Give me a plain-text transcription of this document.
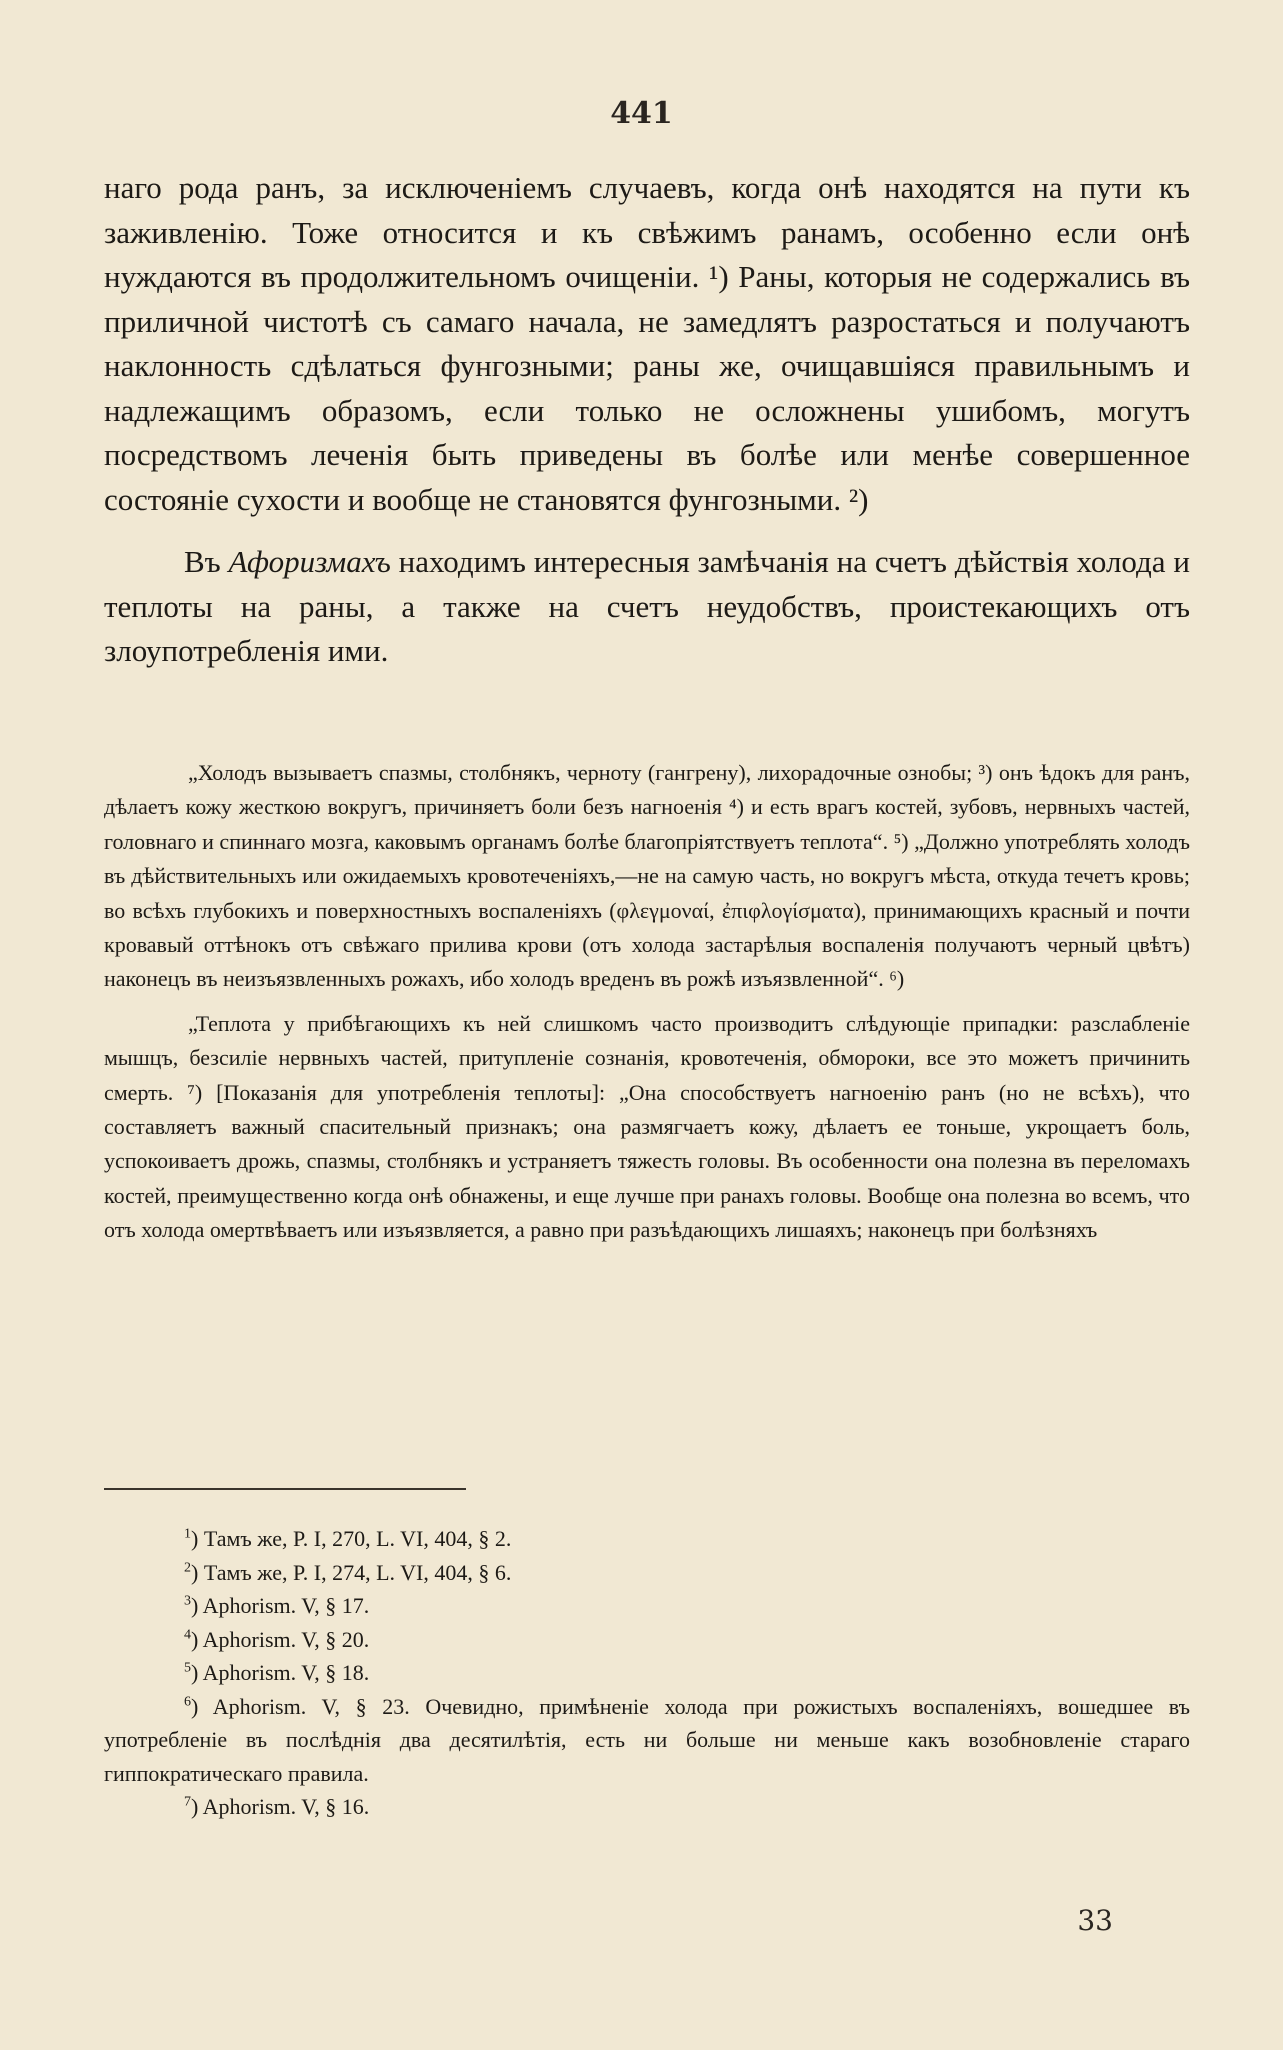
441

наго рода ранъ, за исключеніемъ случаевъ, когда онѣ находятся на пути къ заживленію. Тоже относится и къ свѣжимъ ранамъ, особенно если онѣ нуждаются въ продолжительномъ очищеніи. ¹) Раны, которыя не содержались въ приличной чистотѣ съ самаго начала, не замедлятъ разростаться и получаютъ наклонность сдѣлаться фунгозными; раны же, очищавшіяся правильнымъ и надлежащимъ образомъ, если только не осложнены ушибомъ, могутъ посредствомъ леченія быть приведены въ болѣе или менѣе совершенное состояніе сухости и вообще не становятся фунгозными. ²)

Въ Афоризмахъ находимъ интересныя замѣчанія на счетъ дѣйствія холода и теплоты на раны, а также на счетъ неудобствъ, проистекающихъ отъ злоупотребленія ими.

„Холодъ вызываетъ спазмы, столбнякъ, черноту (гангрену), лихорадочные ознобы; ³) онъ ѣдокъ для ранъ, дѣлаетъ кожу жесткою вокругъ, причиняетъ боли безъ нагноенія ⁴) и есть врагъ костей, зубовъ, нервныхъ частей, головнаго и спиннаго мозга, каковымъ органамъ болѣе благопріятствуетъ теплота“. ⁵) „Должно употреблять холодъ въ дѣйствительныхъ или ожидаемыхъ кровотеченіяхъ,—не на самую часть, но вокругъ мѣста, откуда течетъ кровь; во всѣхъ глубокихъ и поверхностныхъ воспаленіяхъ (φλεγμοναί, ἐπιφλογίσματα), принимающихъ красный и почти кровавый оттѣнокъ отъ свѣжаго прилива крови (отъ холода застарѣлыя воспаленія получаютъ черный цвѣтъ) наконецъ въ неизъязвленныхъ рожахъ, ибо холодъ вреденъ въ рожѣ изъязвленной“. ⁶)

„Теплота у прибѣгающихъ къ ней слишкомъ часто производитъ слѣдующіе припадки: разслабленіе мышцъ, безсиліе нервныхъ частей, притупленіе сознанія, кровотеченія, обмороки, все это можетъ причинить смерть. ⁷) [Показанія для употребленія теплоты]: „Она способствуетъ нагноенію ранъ (но не всѣхъ), что составляетъ важный спасительный признакъ; она размягчаетъ кожу, дѣлаетъ ее тоньше, укрощаетъ боль, успокоиваетъ дрожь, спазмы, столбнякъ и устраняетъ тяжесть головы. Въ особенности она полезна въ переломахъ костей, преимущественно когда онѣ обнажены, и еще лучше при ранахъ головы. Вообще она полезна во всемъ, что отъ холода омертвѣваетъ или изъязвляется, а равно при разъѣдающихъ лишаяхъ; наконецъ при болѣзняхъ

$^1$) Тамъ же, P. I, 270, L. VI, 404, § 2.

$^2$) Тамъ же, P. I, 274, L. VI, 404, § 6.

$^3$) Aphorism. V, § 17.

$^4$) Aphorism. V, § 20.

$^5$) Aphorism. V, § 18.

$^6$) Aphorism. V, § 23. Очевидно, примѣненіе холода при рожистыхъ воспаленіяхъ, вошедшее въ употребленіе въ послѣднія два десятилѣтія, есть ни больше ни меньше какъ возобновленіе стараго гиппократическаго правила.

$^7$) Aphorism. V, § 16.

33
